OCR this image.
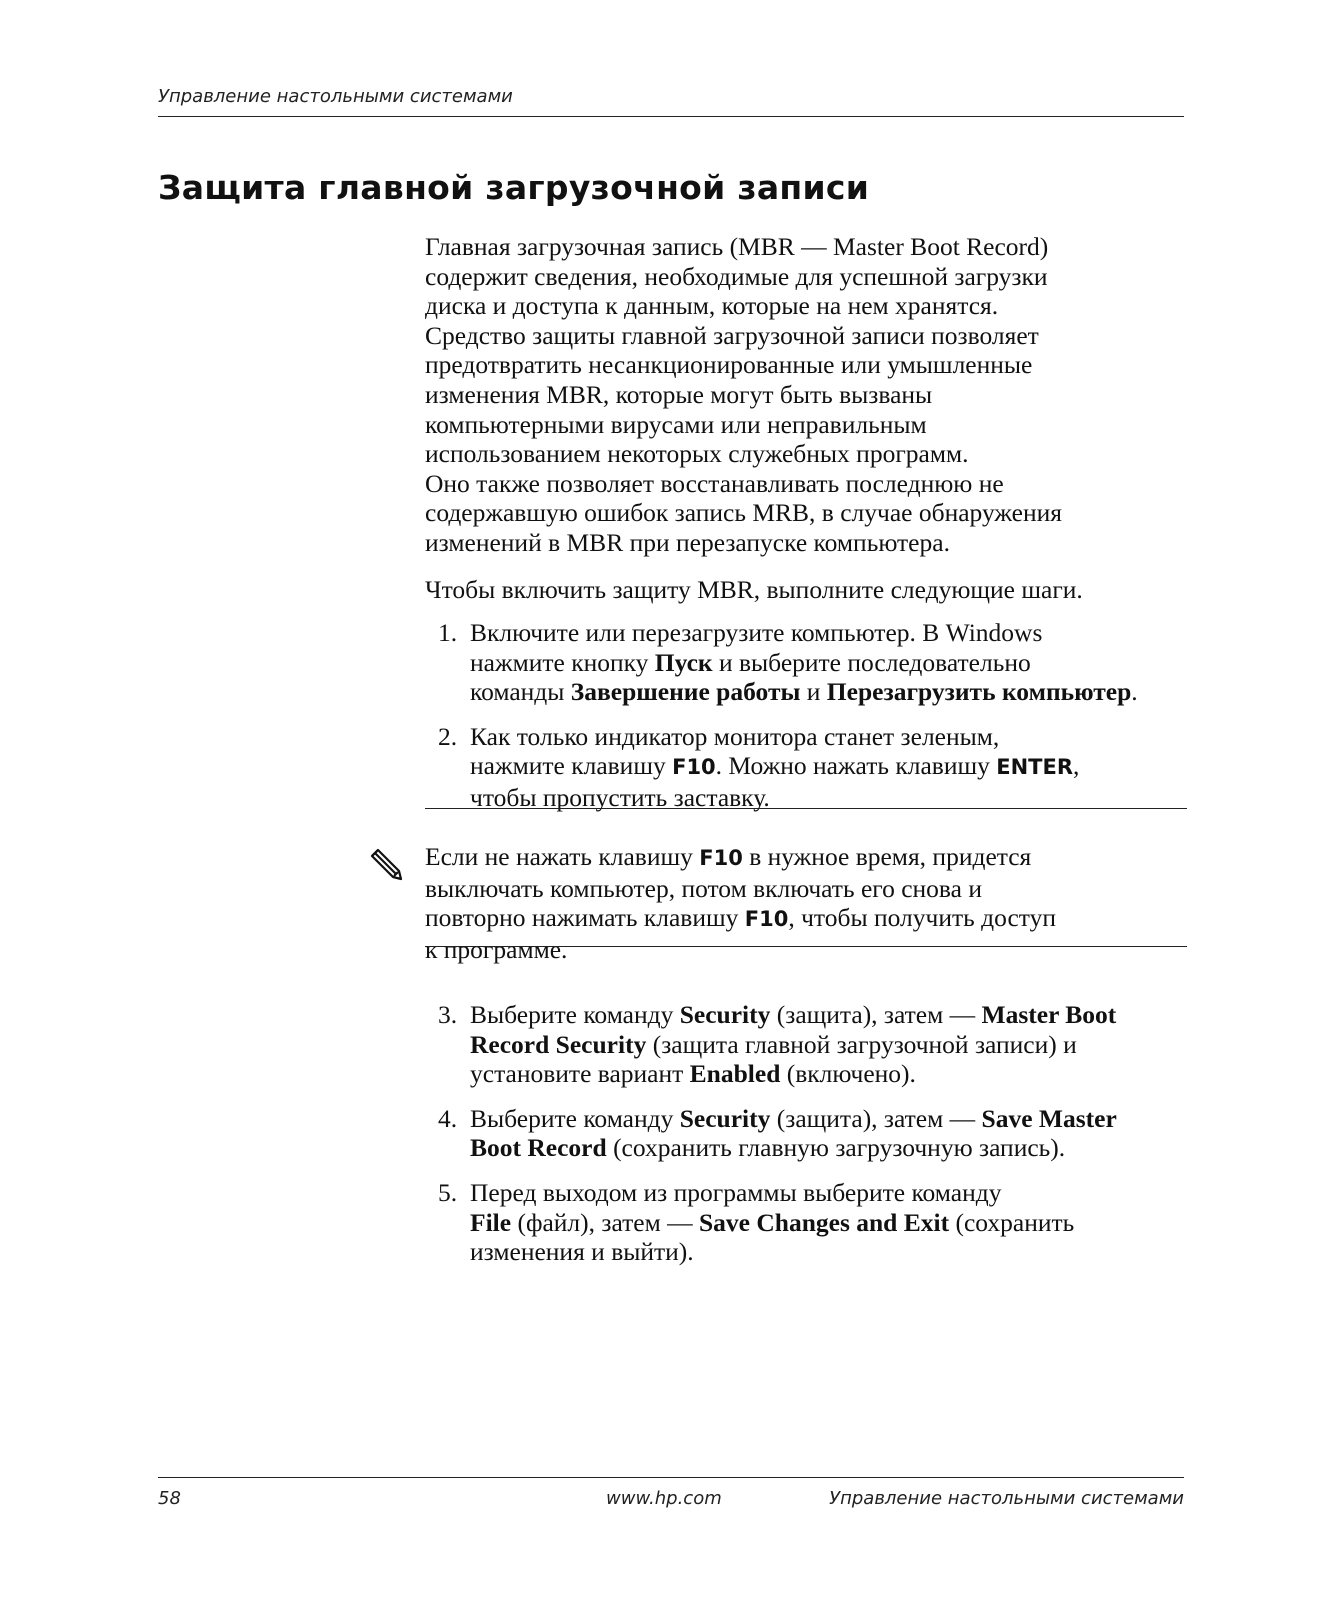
Управление настольными системами
Защита главной загрузочной записи

Главная загрузочная запись (MBR — Master Boot Record)

содержит сведения, необходимые для успешной загрузки

диска и доступа к данным, которые на нем хранятся.

Средство защиты главной загрузочной записи позволяет

предотвратить несанкционированные или умышленные

изменения MBR, которые могут быть вызваны

компьютерными вирусами или неправильным

использованием некоторых служебных программ.

Оно также позволяет восстанавливать последнюю не

содержавшую ошибок запись MRB, в случае обнаружения

изменений в MBR при перезапуске компьютера.

Чтобы включить защиту MBR, выполните следующие шаги.

1. Включите или перезагрузите компьютер. В Windows

нажмите кнопку Пуск и выберите последовательно

команды Завершение работы и Перезагрузить компьютер.

2. Как только индикатор монитора станет зеленым,

нажмите клавишу F10. Можно нажать клавишу ENTER,

чтобы пропустить заставку.

Если не нажать клавишу F10 в нужное время, придется

выключать компьютер, потом включать его снова и

повторно нажимать клавишу F10, чтобы получить доступ

к программе.

3. Выберите команду Security (защита), затем — Master Boot

Record Security (защита главной загрузочной записи) и

установите вариант Enabled (включено).

4. Выберите команду Security (защита), затем — Save Master

Boot Record (сохранить главную загрузочную запись).

5. Перед выходом из программы выберите команду

File (файл), затем — Save Changes and Exit (сохранить

изменения и выйти).

58	www.hp.com	Управление настольными системами
